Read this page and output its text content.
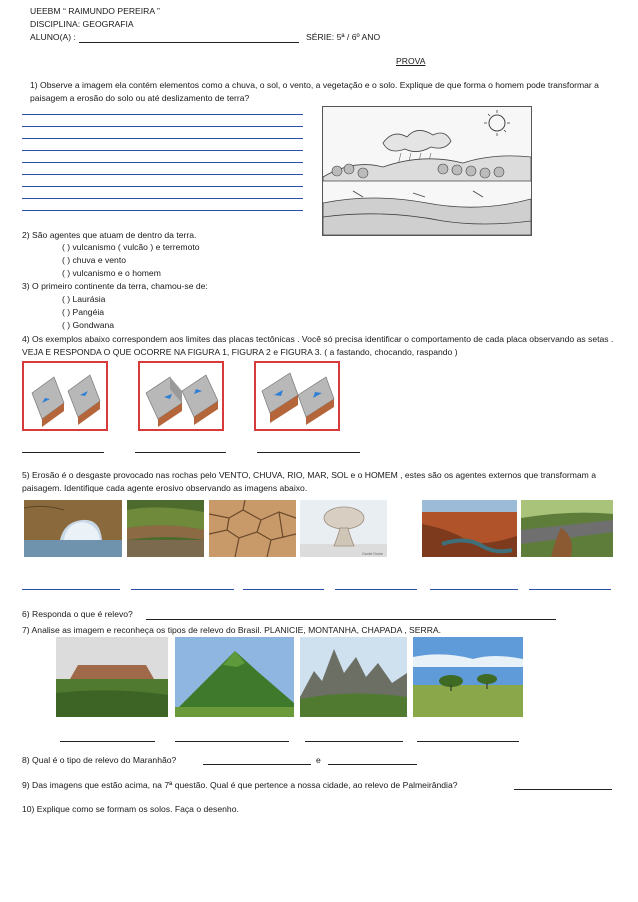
UEEBM “ RAIMUNDO PEREIRA ”
DISCIPLINA: GEOGRAFIA
ALUNO(A) :	SÉRIE: 5ª / 6º ANO
PROVA
1) Observe a imagem ela contém elementos como a chuva, o sol, o vento, a vegetação e o solo. Explique de que forma o homem pode transformar a paisagem a erosão do solo ou até deslizamento de terra?
2) São agentes que atuam de dentro da terra.
( ) vulcanismo ( vulcão ) e terremoto
( ) chuva e vento
( ) vulcanismo e o homem
3) O primeiro continente da terra, chamou-se de:
( ) Laurásia
( ) Pangéia
( ) Gondwana
4) Os exemplos abaixo correspondem aos limites das placas tectônicas . Você só precisa identificar o comportamento de cada placa observando as setas . VEJA E RESPONDA O QUE OCORRE NA FIGURA 1, FIGURA 2 e FIGURA 3. ( a fastando, chocando, raspando )
5) Erosão é o desgaste provocado nas rochas pelo VENTO, CHUVA, RIO, MAR, SOL e o HOMEM , estes são os agentes externos que transformam a paisagem. Identifique cada agente erosivo observando as imagens abaixo.
Daniel Grohe
6) Responda o que é relevo?
7) Analise as imagem e reconheça os tipos de relevo do Brasil. PLANICIE, MONTANHA, CHAPADA , SERRA.
8) Qual é o tipo de relevo do Maranhão?	e
9) Das imagens que estão acima, na 7ª questão. Qual é que pertence a nossa cidade, ao relevo de Palmeirândia?
10) Explique como se formam os solos. Faça o desenho.
